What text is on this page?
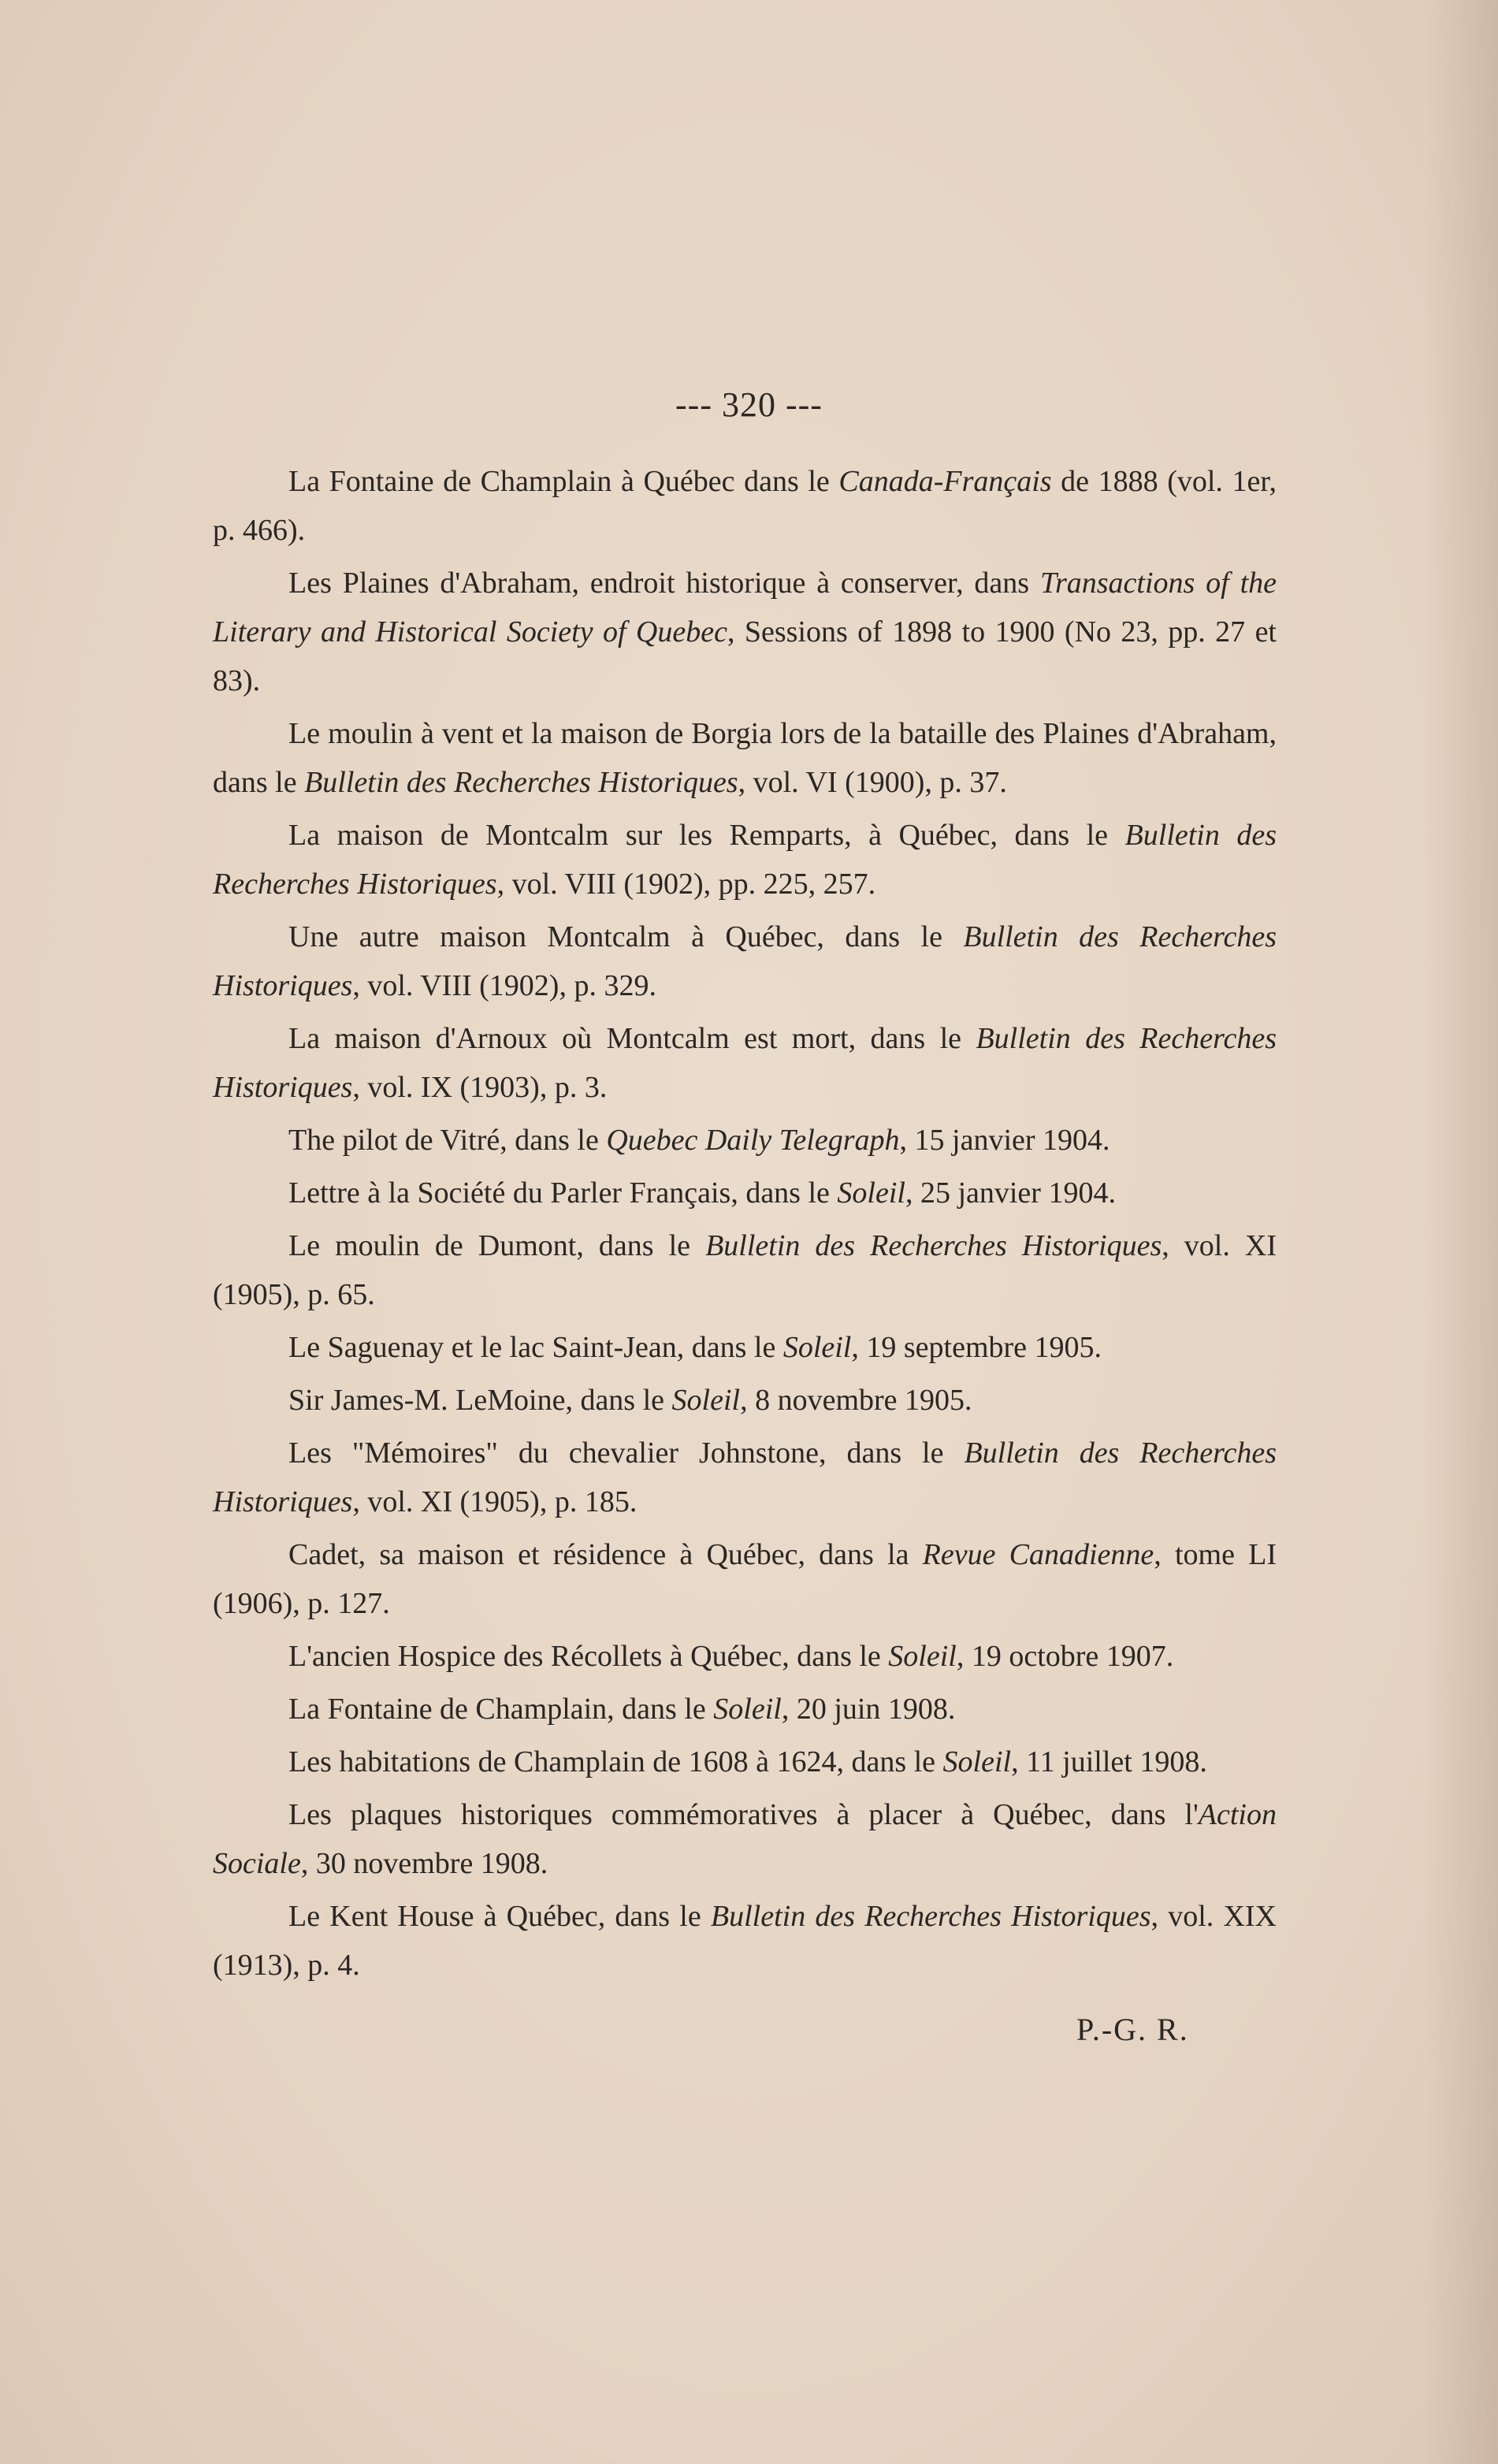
--- 320 ---

La Fontaine de Champlain à Québec dans le Canada-Français de 1888 (vol. 1er, p. 466).

Les Plaines d'Abraham, endroit historique à conserver, dans Transactions of the Literary and Historical Society of Quebec, Sessions of 1898 to 1900 (No 23, pp. 27 et 83).

Le moulin à vent et la maison de Borgia lors de la bataille des Plaines d'Abraham, dans le Bulletin des Recherches Historiques, vol. VI (1900), p. 37.

La maison de Montcalm sur les Remparts, à Québec, dans le Bulletin des Recherches Historiques, vol. VIII (1902), pp. 225, 257.

Une autre maison Montcalm à Québec, dans le Bulletin des Recherches Historiques, vol. VIII (1902), p. 329.

La maison d'Arnoux où Montcalm est mort, dans le Bulletin des Recherches Historiques, vol. IX (1903), p. 3.

The pilot de Vitré, dans le Quebec Daily Telegraph, 15 janvier 1904.

Lettre à la Société du Parler Français, dans le Soleil, 25 janvier 1904.

Le moulin de Dumont, dans le Bulletin des Recherches Historiques, vol. XI (1905), p. 65.

Le Saguenay et le lac Saint-Jean, dans le Soleil, 19 septembre 1905.

Sir James-M. LeMoine, dans le Soleil, 8 novembre 1905.

Les "Mémoires" du chevalier Johnstone, dans le Bulletin des Recherches Historiques, vol. XI (1905), p. 185.

Cadet, sa maison et résidence à Québec, dans la Revue Canadienne, tome LI (1906), p. 127.

L'ancien Hospice des Récollets à Québec, dans le Soleil, 19 octobre 1907.

La Fontaine de Champlain, dans le Soleil, 20 juin 1908.

Les habitations de Champlain de 1608 à 1624, dans le Soleil, 11 juillet 1908.

Les plaques historiques commémoratives à placer à Québec, dans l'Action Sociale, 30 novembre 1908.

Le Kent House à Québec, dans le Bulletin des Recherches Historiques, vol. XIX (1913), p. 4.

P.-G. R.
